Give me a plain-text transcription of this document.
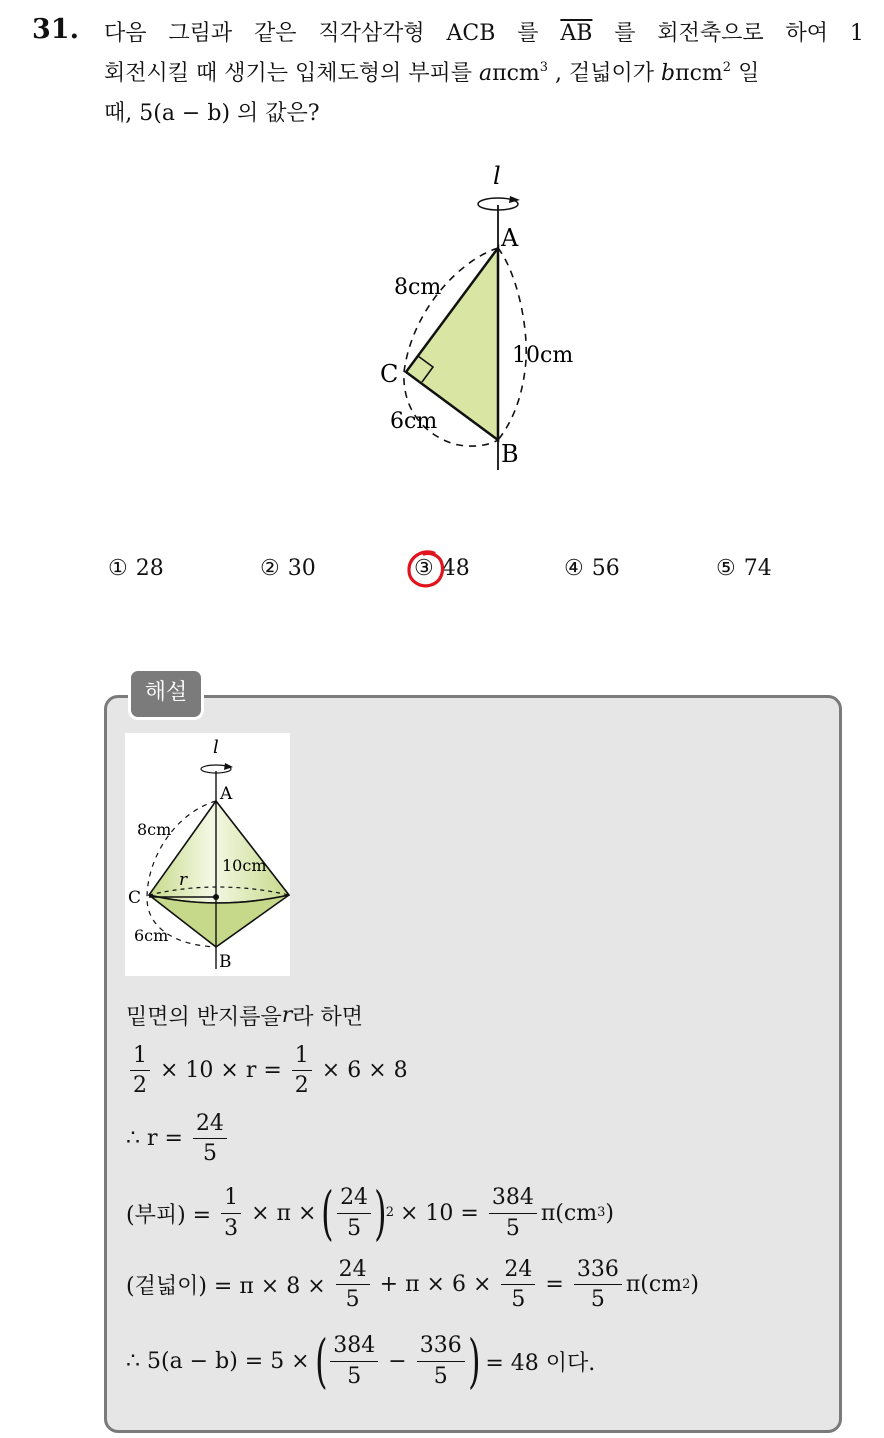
31. 다음 그림과 같은 직각삼각형 ACB 를 $\overline{AB}$ 를 회전축으로 하여 1
회전시킬 때 생기는 입체도형의 부피를 aπcm$^3$ , 겉넓이가 bπcm$^2$ 일
때, 5(a − b) 의 값은?
l
A
B
C
8cm
10cm
6cm
① 28	② 30	③ 48	④ 56	⑤ 74
해설
l
A
B
C
8cm
10cm
6cm
r
밑면의 반지름을 r 라 하면
$\frac{1}{2} \times 10 \times r = \frac{1}{2} \times 6 \times 8$
∴ $r = \frac{24}{5}$
(부피) = $\frac{1}{3} \times \pi$ × ( $\frac{24}{5}$ ) $2 \times 10 = \frac{384}{5} \pi(cm$ 3 )
(겉넓이) = $\pi \times 8 \times \frac{24}{5} + \pi \times 6 \times \frac{24}{5} = \frac{336}{5} \pi(cm$ 2 )
∴ 5(a − b) = 5 × ( $\frac{384}{5} - \frac{336}{5}$ ) = 48 이다.
